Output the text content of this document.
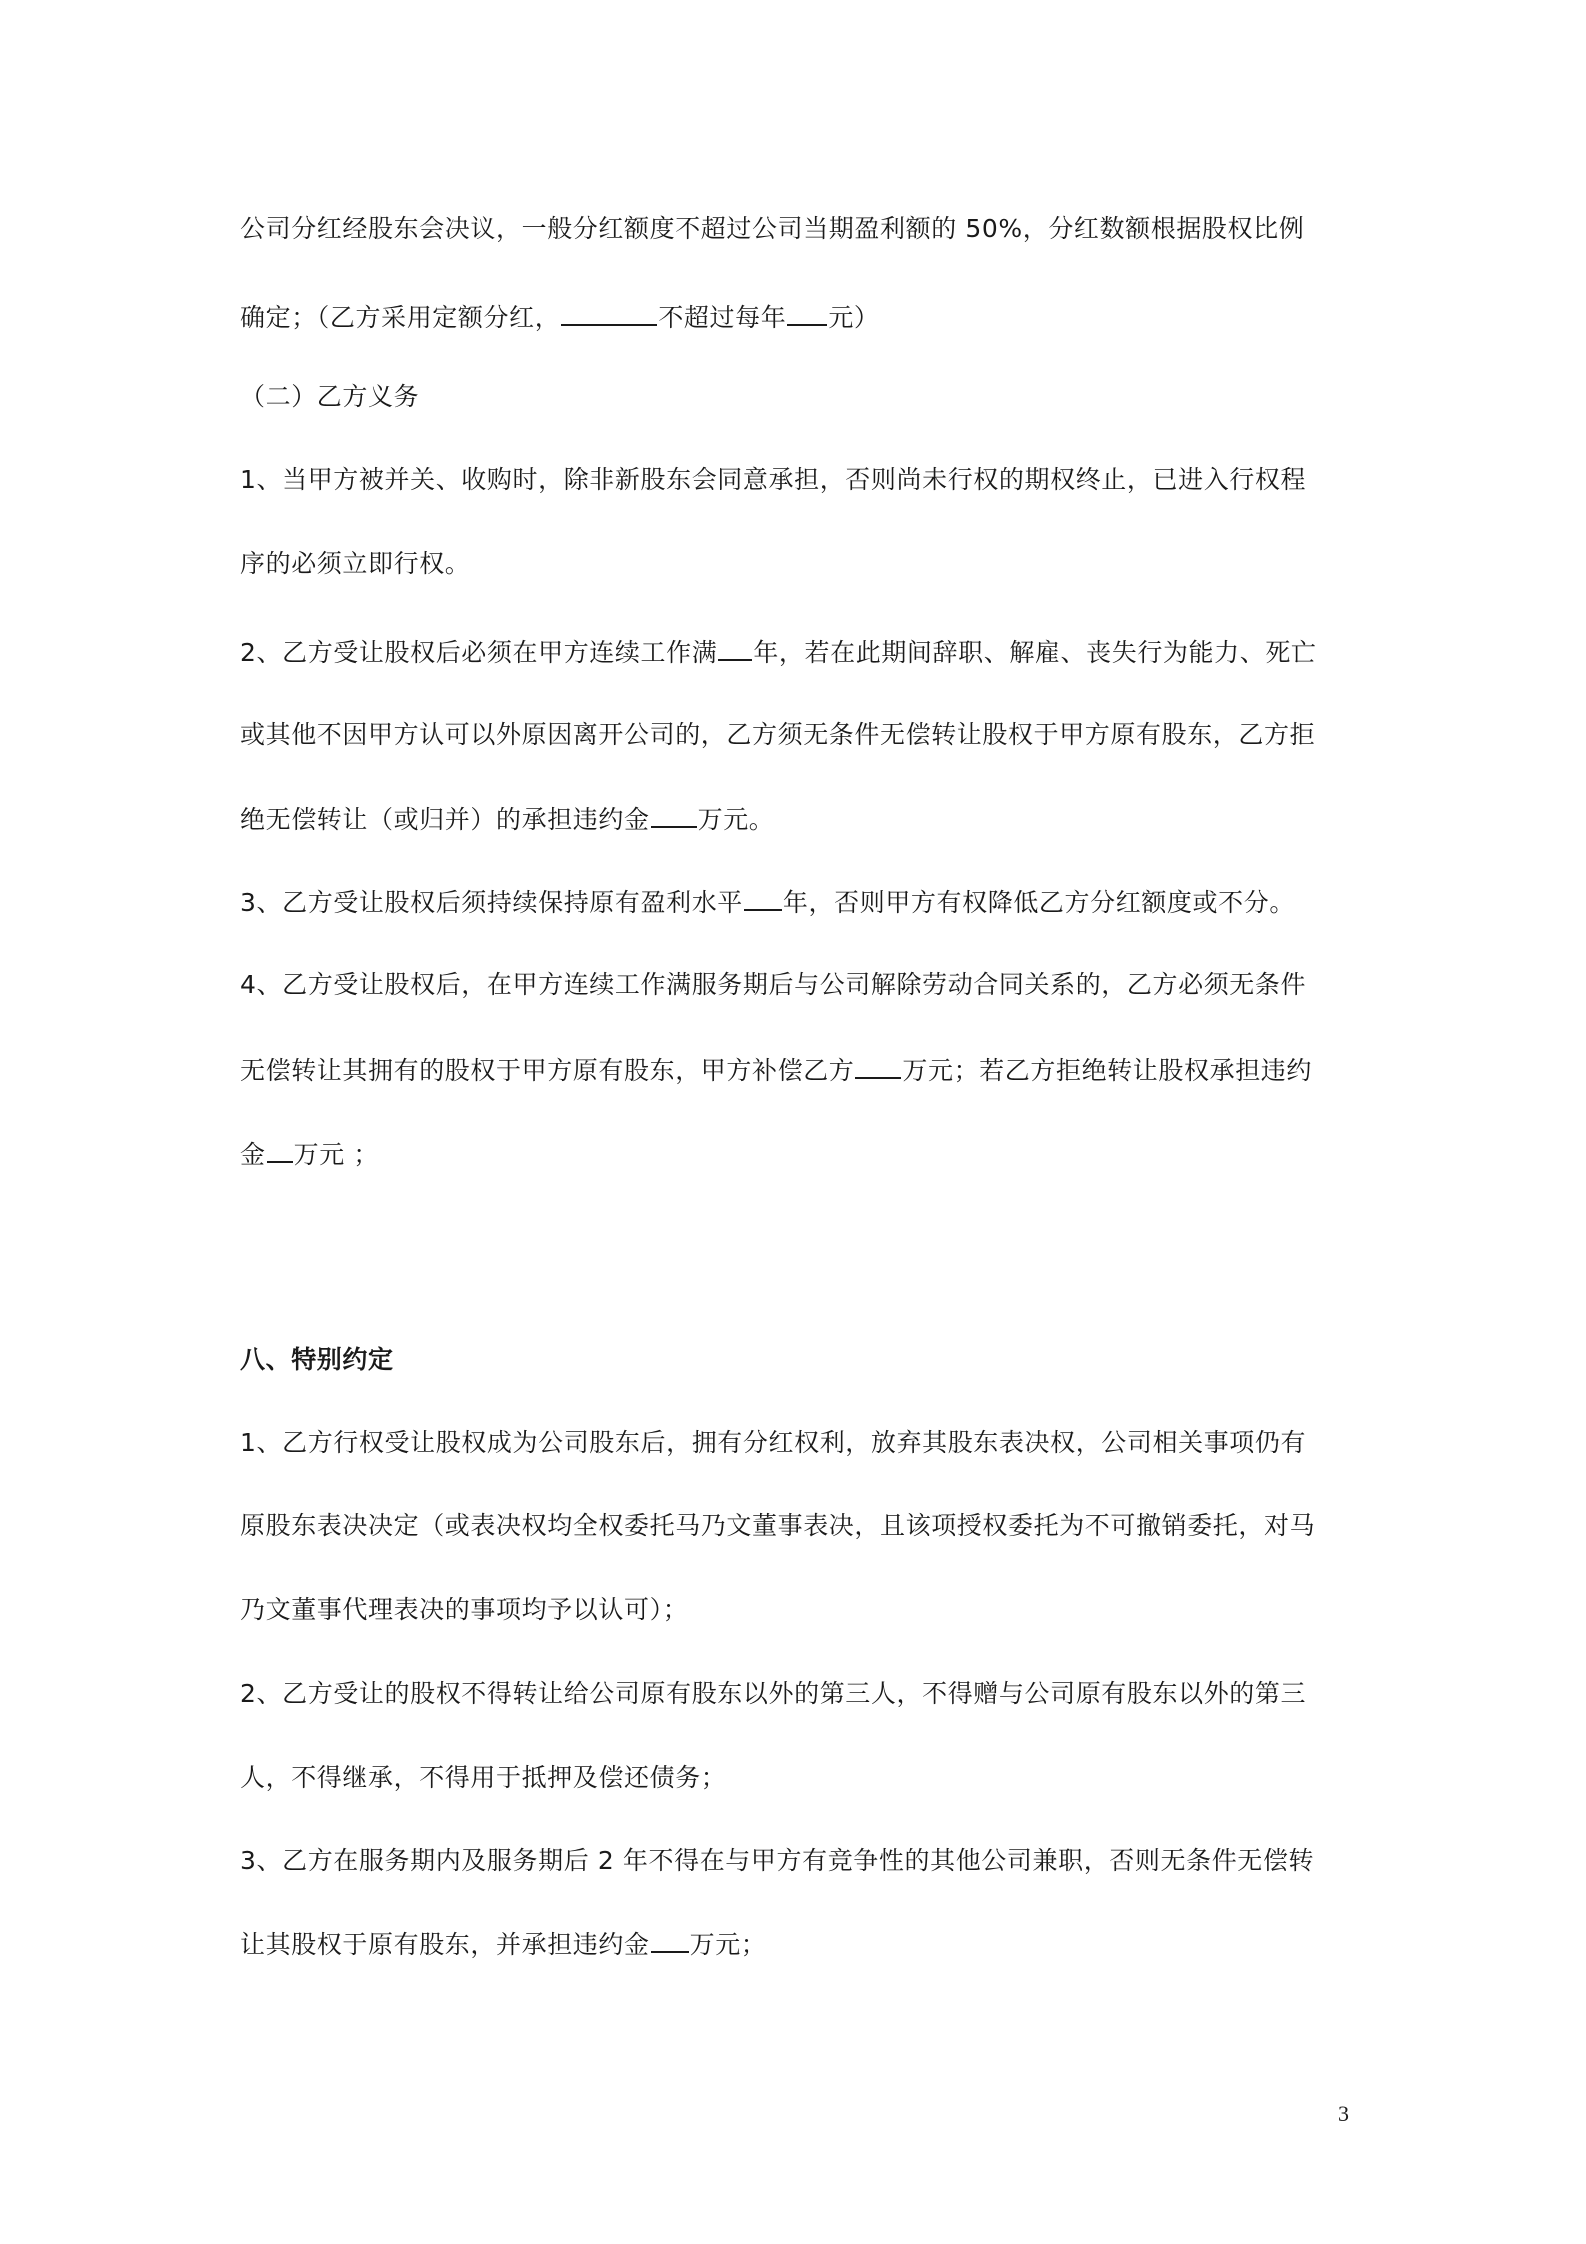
公司分红经股东会决议，一般分红额度不超过公司当期盈利额的 50%，分红数额根据股权比例
确定；（乙方采用定额分红，	不超过每年 元）
（二）乙方义务
1、当甲方被并关、收购时，除非新股东会同意承担，否则尚未行权的期权终止，已进入行权程
序的必须立即行权。
2、乙方受让股权后必须在甲方连续工作满 年，若在此期间辞职、解雇、丧失行为能力、死亡
或其他不因甲方认可以外原因离开公司的，乙方须无条件无偿转让股权于甲方原有股东，乙方拒
绝无偿转让（或归并）的承担违约金 万元。
3、乙方受让股权后须持续保持原有盈利水平 年，否则甲方有权降低乙方分红额度或不分。
4、乙方受让股权后，在甲方连续工作满服务期后与公司解除劳动合同关系的，乙方必须无条件
无偿转让其拥有的股权于甲方原有股东，甲方补偿乙方 万元；若乙方拒绝转让股权承担违约
金 万元 ；
八、特别约定
1、乙方行权受让股权成为公司股东后，拥有分红权利，放弃其股东表决权，公司相关事项仍有
原股东表决决定（或表决权均全权委托马乃文董事表决，且该项授权委托为不可撤销委托，对马
乃文董事代理表决的事项均予以认可）；
2、乙方受让的股权不得转让给公司原有股东以外的第三人，不得赠与公司原有股东以外的第三
人，不得继承，不得用于抵押及偿还债务；
3、乙方在服务期内及服务期后 2 年不得在与甲方有竞争性的其他公司兼职，否则无条件无偿转
让其股权于原有股东，并承担违约金 万元；
3
